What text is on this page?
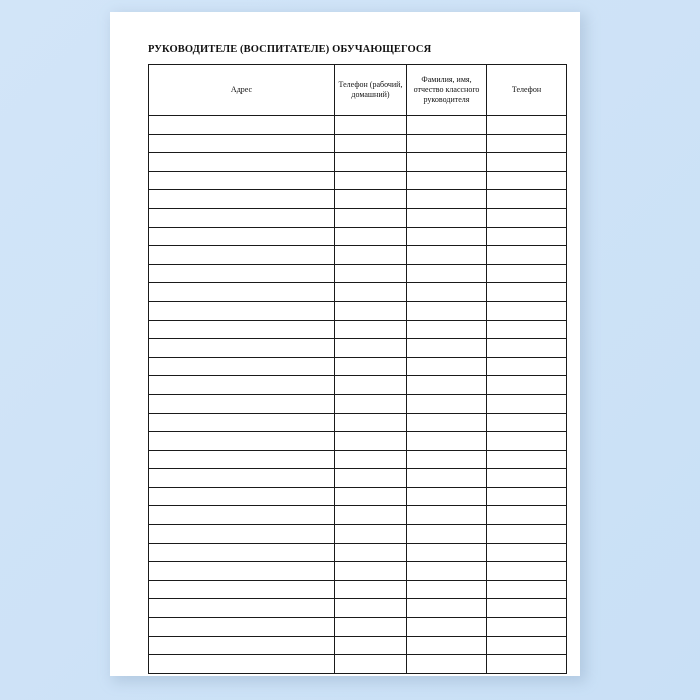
РУКОВОДИТЕЛЕ (ВОСПИТАТЕЛЕ) ОБУЧАЮЩЕГОСЯ
Адрес	Телефон (рабочий, домашний)	Фамилия, имя, отчество классного руководителя	Телефон
